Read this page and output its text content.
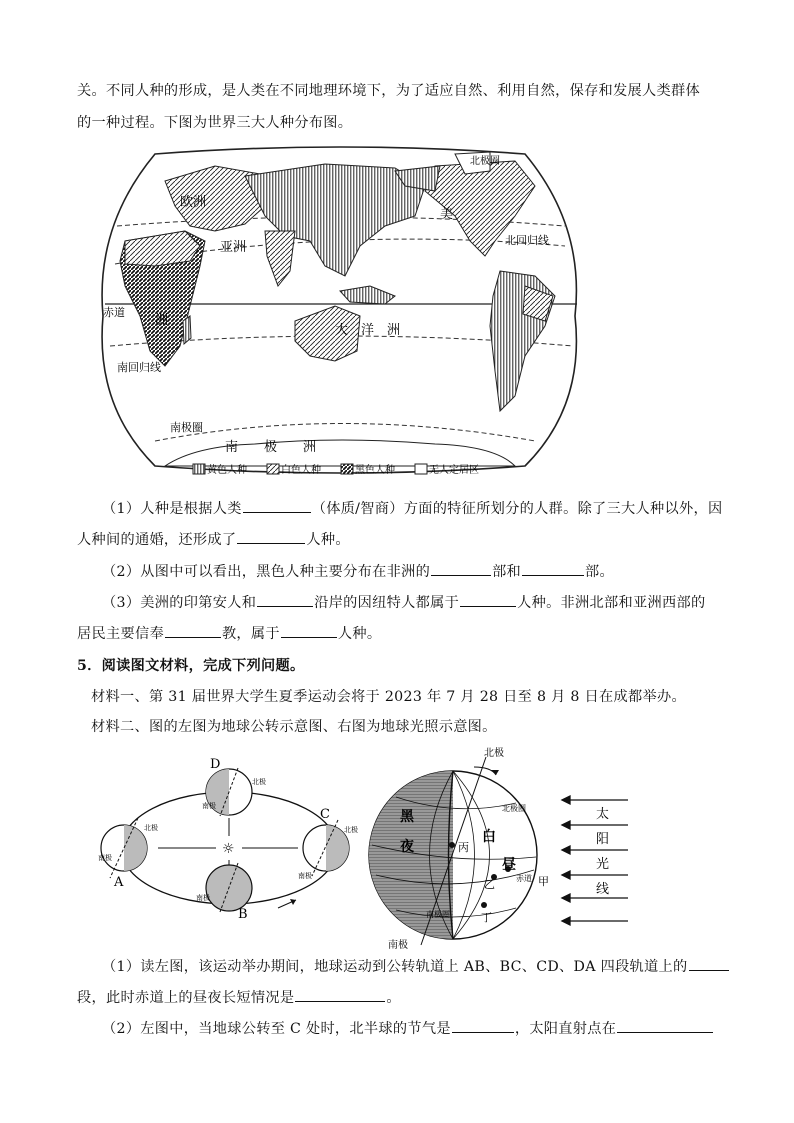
关。不同人种的形成，是人类在不同地理环境下，为了适应自然、利用自然，保存和发展人类群体
的一种过程。下图为世界三大人种分布图。
北极圈
欧洲
亚洲
美
北回归线
赤道
洲
南回归线
大　洋　洲
南极圈
南　　极　　洲
黄色人种	白色人种	黑色人种	无人定居区
（1）人种是根据人类	（体质/智商）方面的特征所划分的人群。除了三大人种以外，因
人种间的通婚，还形成了	人种。
（2）从图中可以看出，黑色人种主要分布在非洲的	部和	部。
（3）美洲的印第安人和	沿岸的因纽特人都属于	人种。非洲北部和亚洲西部的
居民主要信奉	教，属于	人种。
5．阅读图文材料，完成下列问题。
材料一、第 31 届世界大学生夏季运动会将于 2023 年 7 月 28 日至 8 月 8 日在成都举办。
材料二、图的左图为地球公转示意图、右图为地球光照示意图。
☼
D
北极
南极
A
北极
南极
B
南极
C
北极
南极
北极
南极
黑
夜
白
昼
北极圈
南极圈
赤道
丙
乙	甲
丁
太
阳
光
线
（1）读左图，该运动举办期间，地球运动到公转轨道上 AB、BC、CD、DA 四段轨道上的
段，此时赤道上的昼夜长短情况是	。
（2）左图中，当地球公转至 C 处时，北半球的节气是	，太阳直射点在
